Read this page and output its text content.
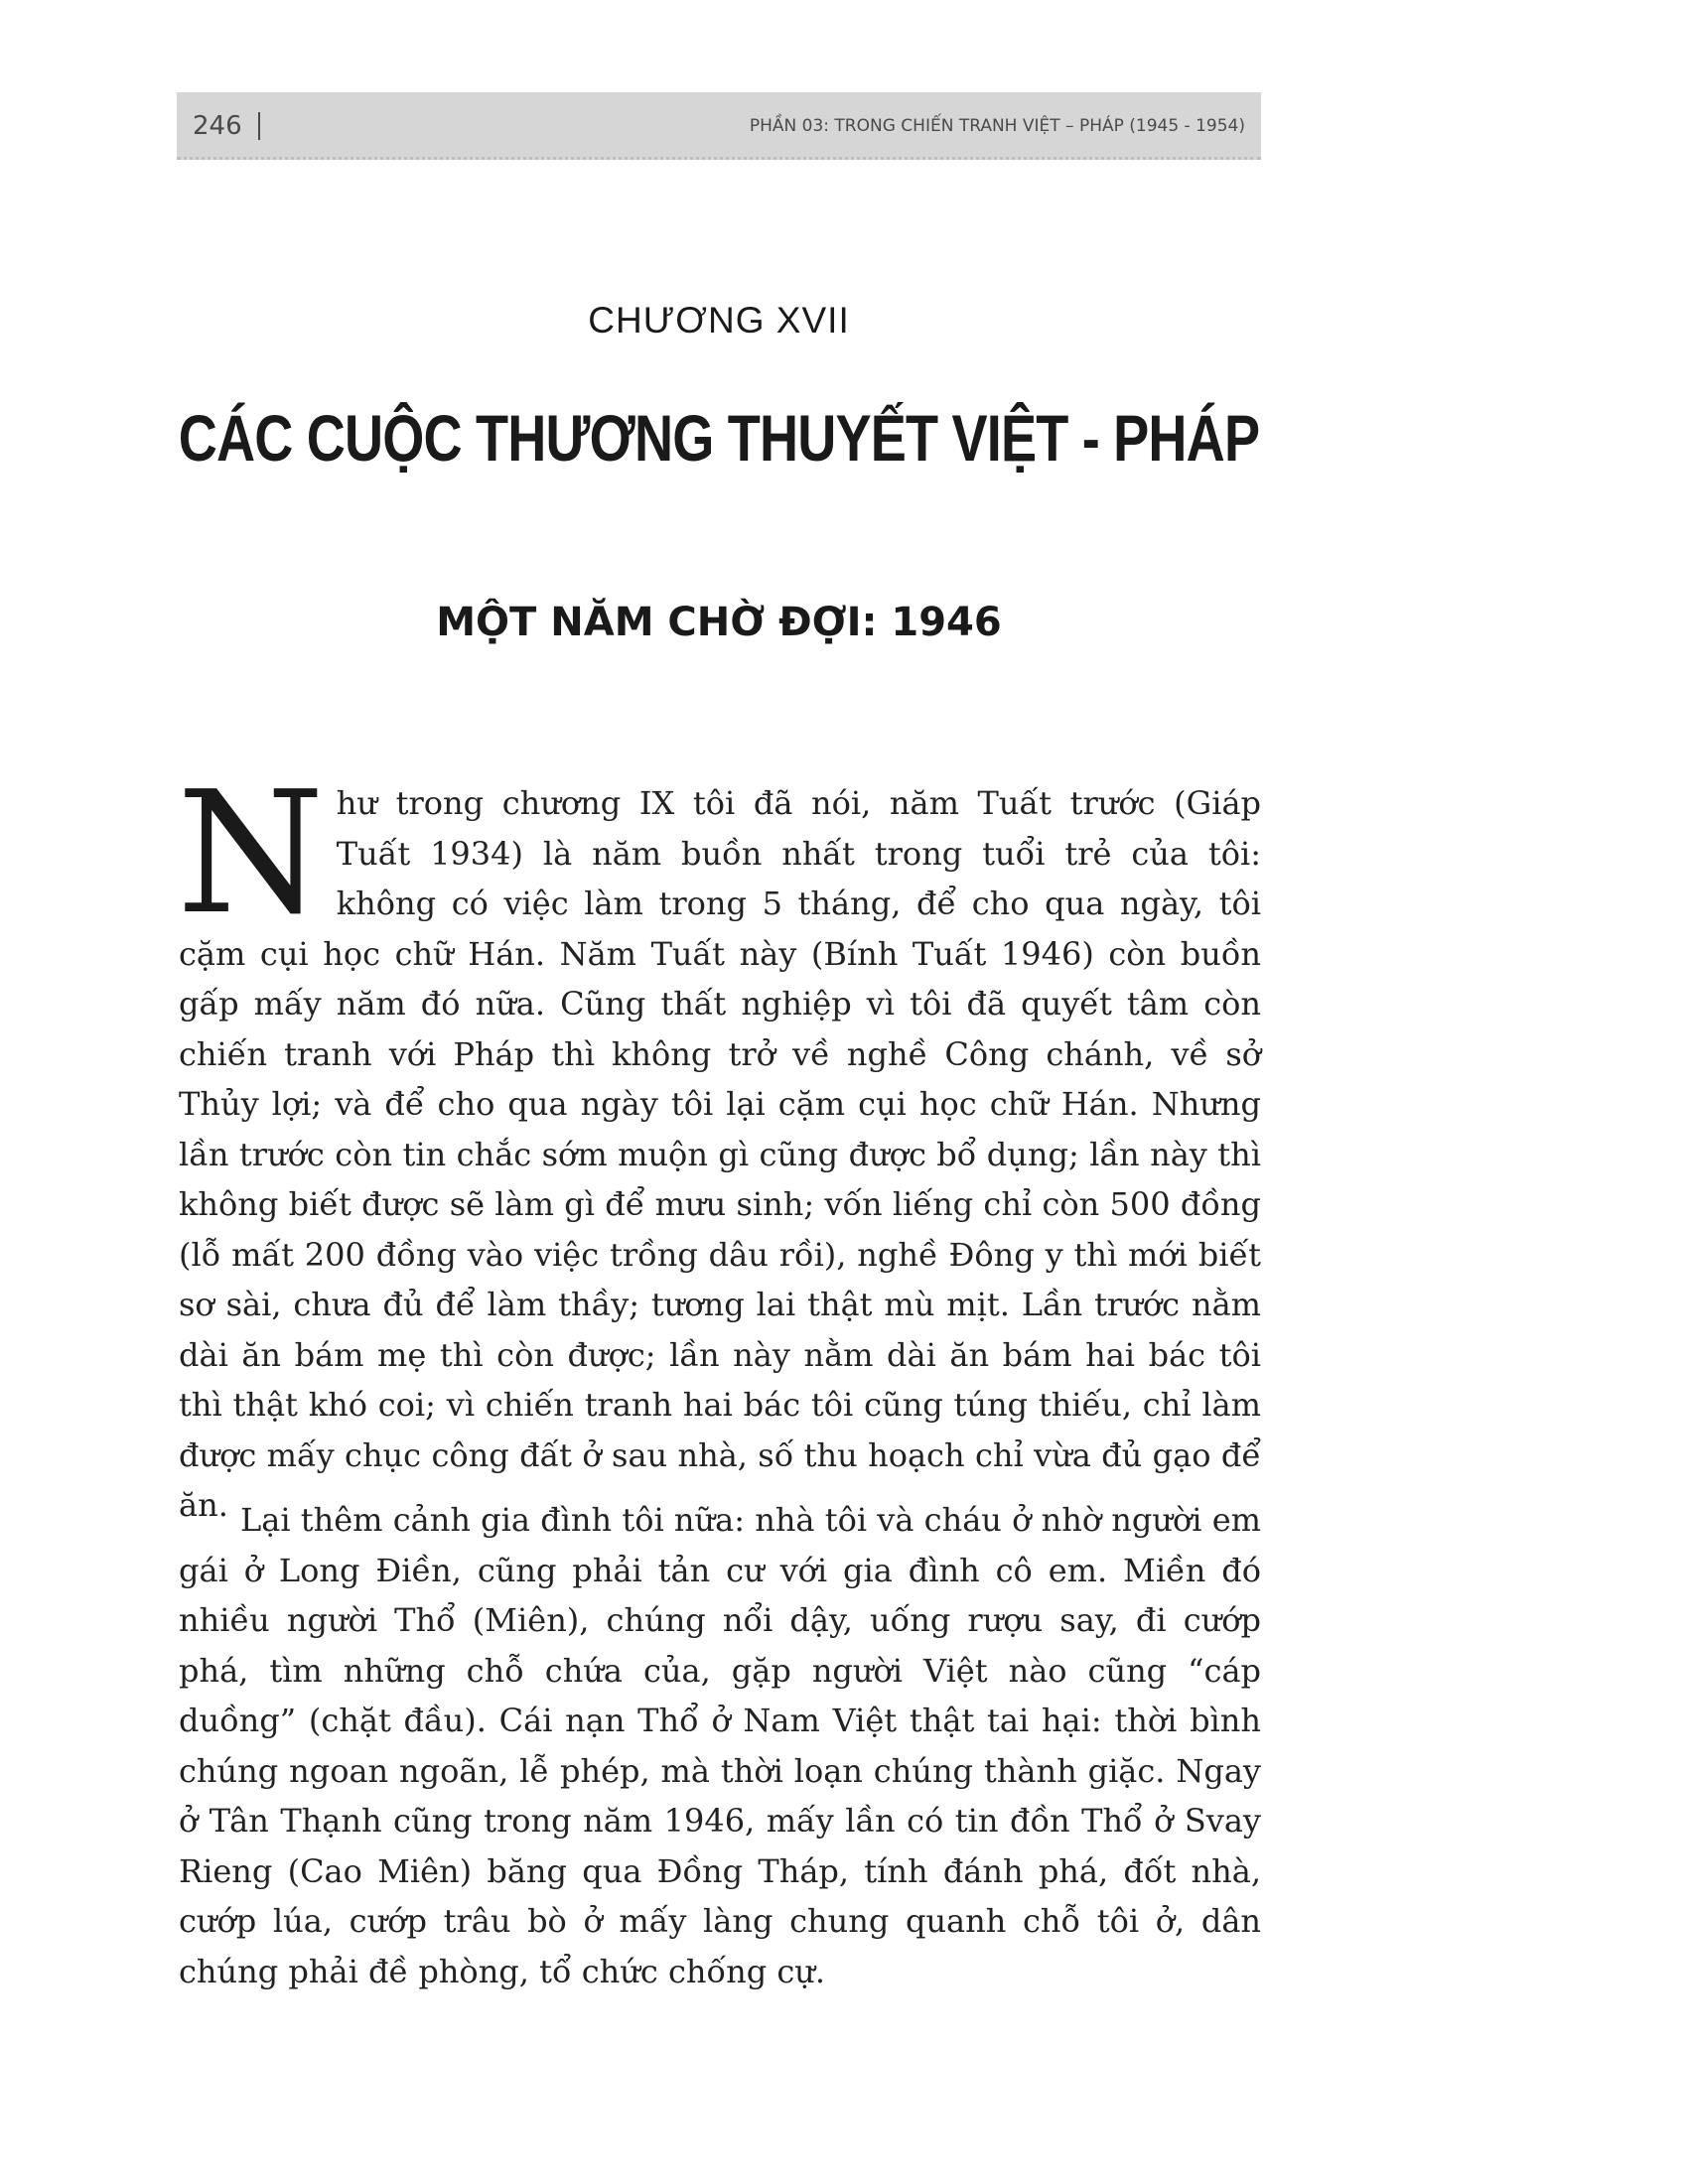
246	PHẦN 03: TRONG CHIẾN TRANH VIỆT – PHÁP (1945 - 1954)
CHƯƠNG XVII
CÁC CUỘC THƯƠNG THUYẾT VIỆT - PHÁP
MỘT NĂM CHỜ ĐỢI: 1946
Như trong chương IX tôi đã nói, năm Tuất trước (Giáp Tuất 1934) là năm buồn nhất trong tuổi trẻ của tôi: không có việc làm trong 5 tháng, để cho qua ngày, tôi cặm cụi học chữ Hán. Năm Tuất này (Bính Tuất 1946) còn buồn gấp mấy năm đó nữa. Cũng thất nghiệp vì tôi đã quyết tâm còn chiến tranh với Pháp thì không trở về nghề Công chánh, về sở Thủy lợi; và để cho qua ngày tôi lại cặm cụi học chữ Hán. Nhưng lần trước còn tin chắc sớm muộn gì cũng được bổ dụng; lần này thì không biết được sẽ làm gì để mưu sinh; vốn liếng chỉ còn 500 đồng (lỗ mất 200 đồng vào việc trồng dâu rồi), nghề Đông y thì mới biết sơ sài, chưa đủ để làm thầy; tương lai thật mù mịt. Lần trước nằm dài ăn bám mẹ thì còn được; lần này nằm dài ăn bám hai bác tôi thì thật khó coi; vì chiến tranh hai bác tôi cũng túng thiếu, chỉ làm được mấy chục công đất ở sau nhà, số thu hoạch chỉ vừa đủ gạo để ăn. Lại thêm cảnh gia đình tôi nữa: nhà tôi và cháu ở nhờ người em gái ở Long Điền, cũng phải tản cư với gia đình cô em. Miền đó nhiều người Thổ (Miên), chúng nổi dậy, uống rượu say, đi cướp phá, tìm những chỗ chứa của, gặp người Việt nào cũng “cáp duồng” (chặt đầu). Cái nạn Thổ ở Nam Việt thật tai hại: thời bình chúng ngoan ngoãn, lễ phép, mà thời loạn chúng thành giặc. Ngay ở Tân Thạnh cũng trong năm 1946, mấy lần có tin đồn Thổ ở Svay Rieng (Cao Miên) băng qua Đồng Tháp, tính đánh phá, đốt nhà, cướp lúa, cướp trâu bò ở mấy làng chung quanh chỗ tôi ở, dân chúng phải đề phòng, tổ chức chống cự.
